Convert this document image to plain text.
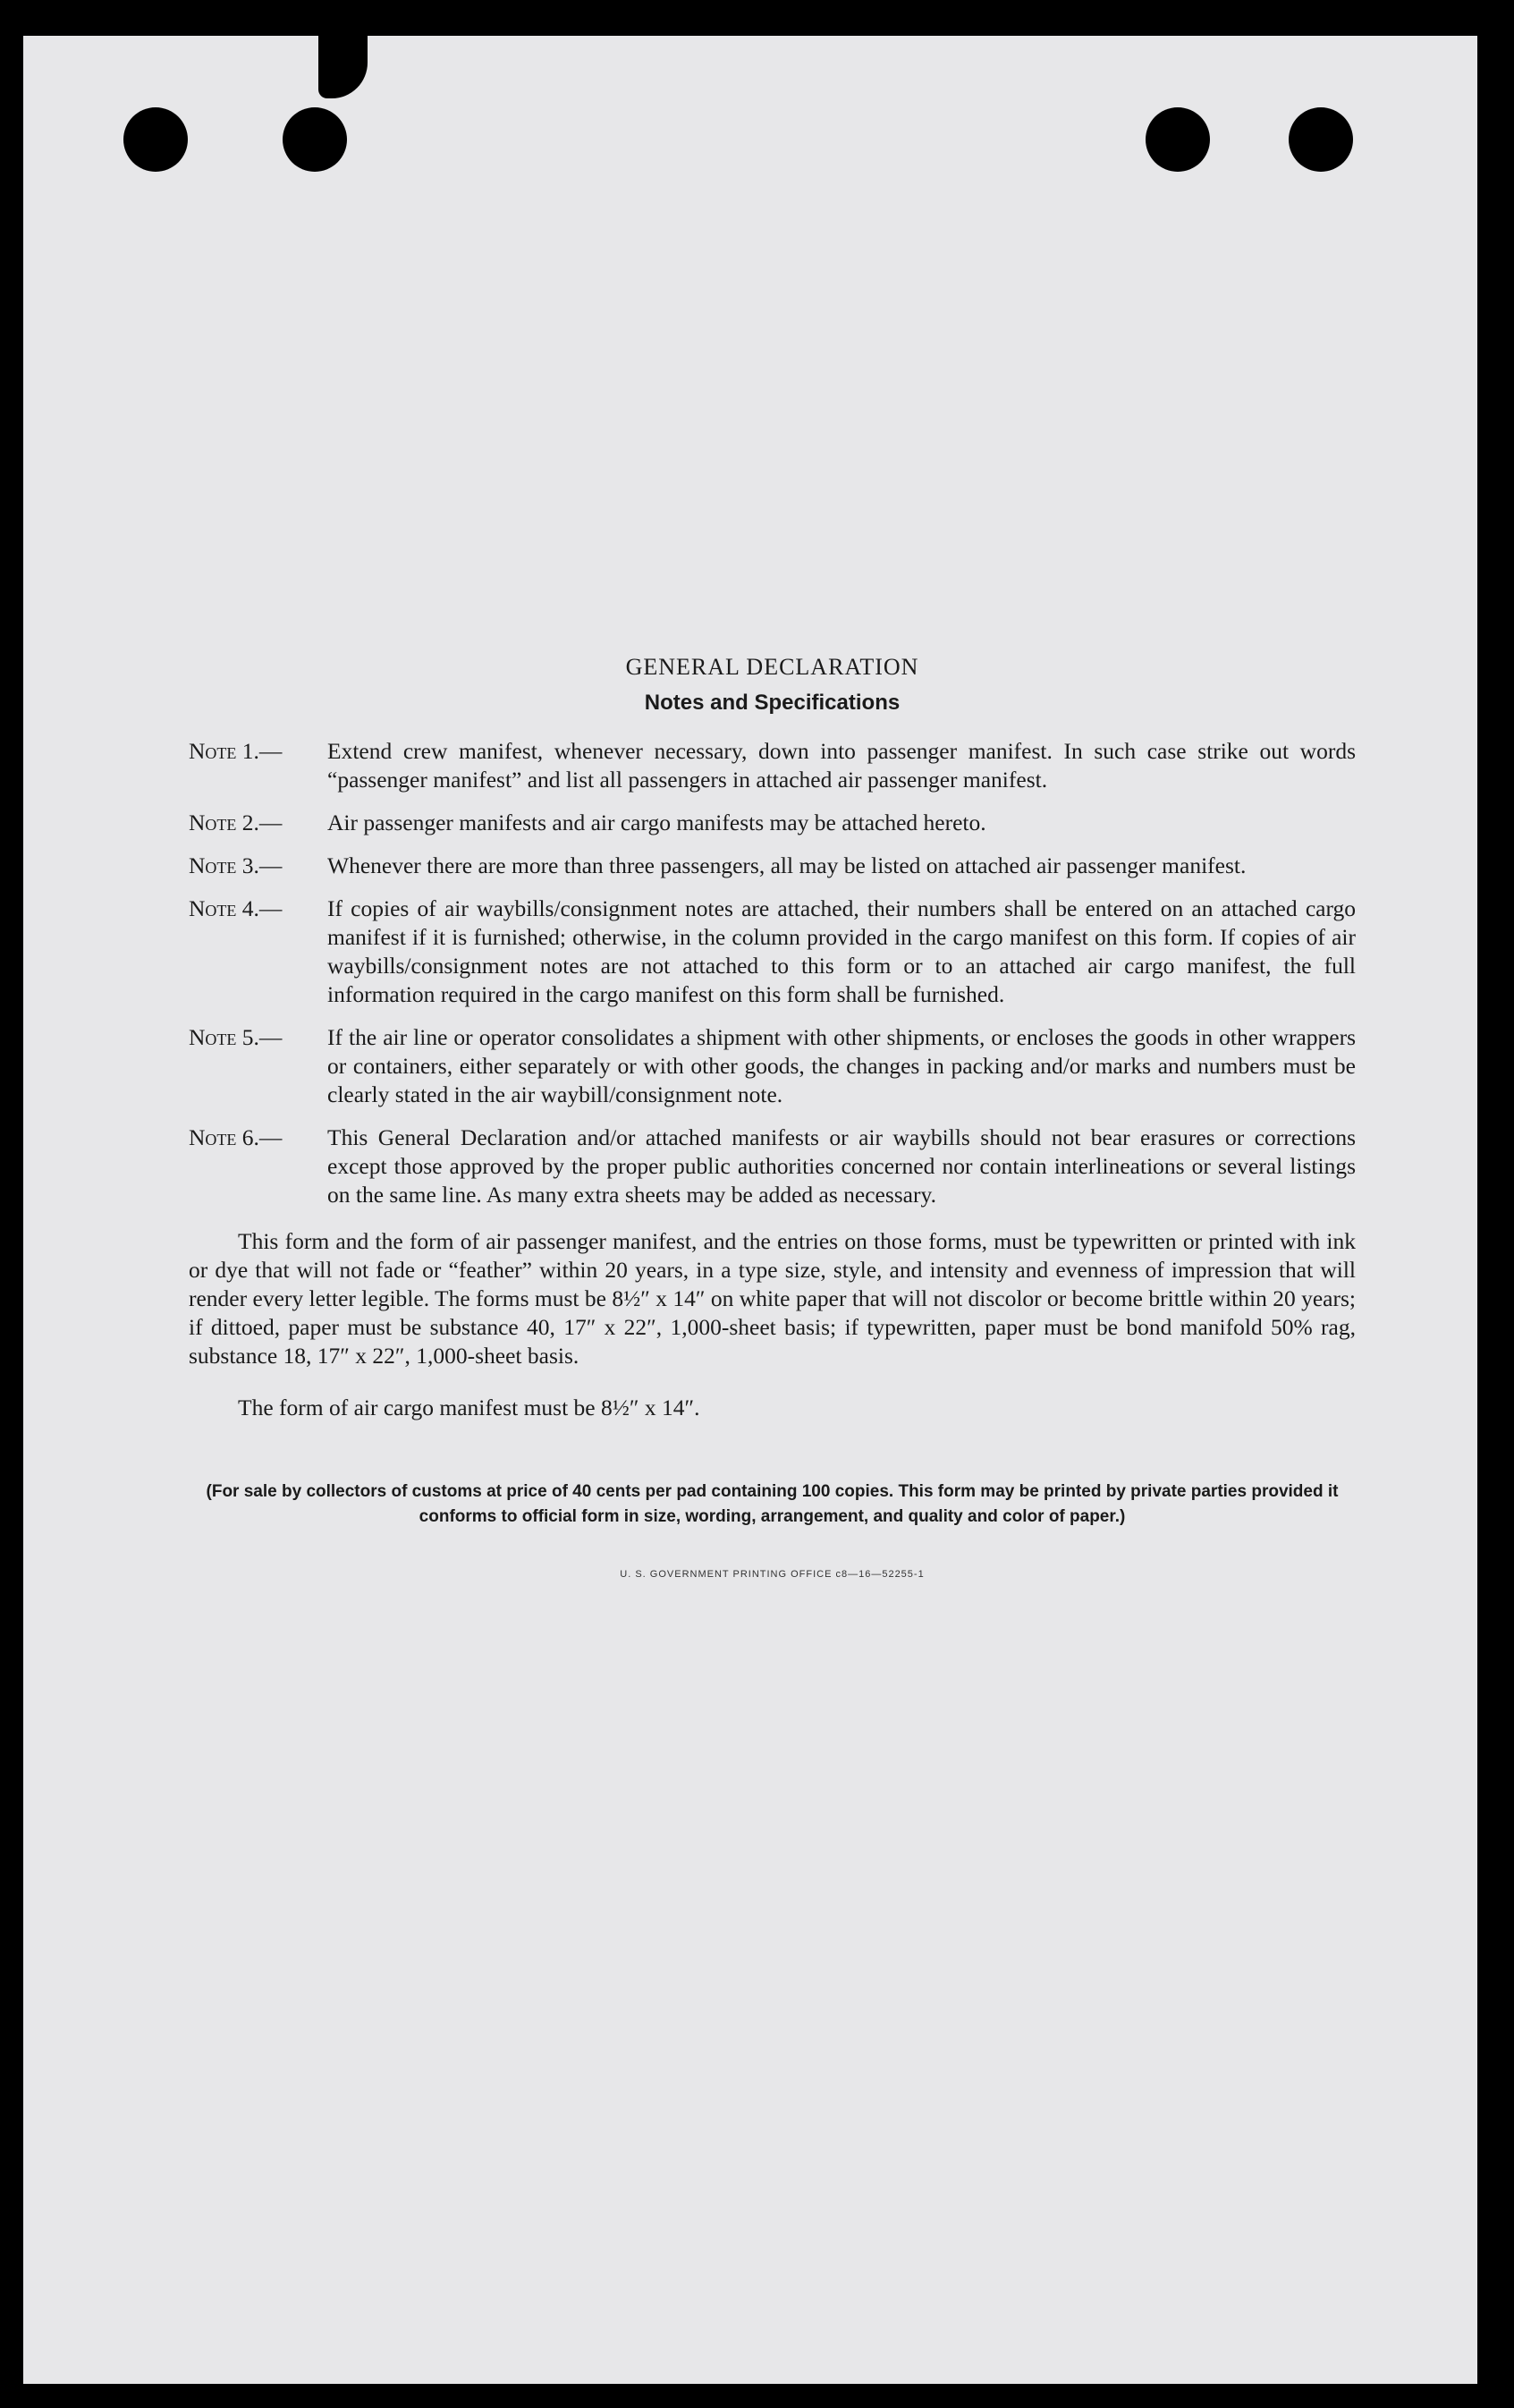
GENERAL DECLARATION
Notes and Specifications
Note 1.— Extend crew manifest, whenever necessary, down into passenger manifest. In such case strike out words “passenger manifest” and list all passengers in attached air passenger manifest.
Note 2.— Air passenger manifests and air cargo manifests may be attached hereto.
Note 3.— Whenever there are more than three passengers, all may be listed on attached air passenger manifest.
Note 4.— If copies of air waybills/consignment notes are attached, their numbers shall be entered on an attached cargo manifest if it is furnished; otherwise, in the column provided in the cargo manifest on this form. If copies of air waybills/consignment notes are not attached to this form or to an attached air cargo manifest, the full information required in the cargo manifest on this form shall be furnished.
Note 5.— If the air line or operator consolidates a shipment with other shipments, or encloses the goods in other wrappers or containers, either separately or with other goods, the changes in packing and/or marks and numbers must be clearly stated in the air waybill/consignment note.
Note 6.— This General Declaration and/or attached manifests or air waybills should not bear erasures or corrections except those approved by the proper public authorities concerned nor contain interlineations or several listings on the same line. As many extra sheets may be added as necessary.

This form and the form of air passenger manifest, and the entries on those forms, must be typewritten or printed with ink or dye that will not fade or “feather” within 20 years, in a type size, style, and intensity and evenness of impression that will render every letter legible. The forms must be 8½″ x 14″ on white paper that will not discolor or become brittle within 20 years; if dittoed, paper must be substance 40, 17″ x 22″, 1,000-sheet basis; if typewritten, paper must be bond manifold 50% rag, substance 18, 17″ x 22″, 1,000-sheet basis.

The form of air cargo manifest must be 8½″ x 14″.

(For sale by collectors of customs at price of 40 cents per pad containing 100 copies. This form may be printed by private parties provided it conforms to official form in size, wording, arrangement, and quality and color of paper.)
U. S. GOVERNMENT PRINTING OFFICE c8—16—52255-1
